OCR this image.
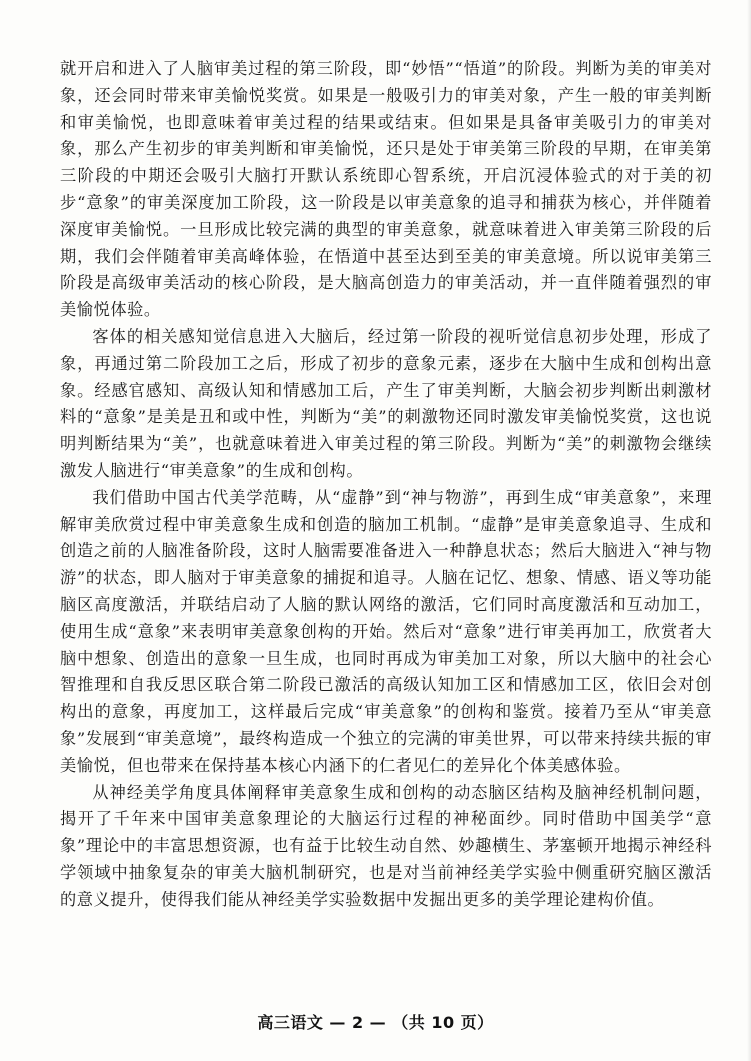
就开启和进入了人脑审美过程的第三阶段，即“妙悟”“悟道”的阶段。判断为美的审美对象，还会同时带来审美愉悦奖赏。如果是一般吸引力的审美对象，产生一般的审美判断和审美愉悦，也即意味着审美过程的结果或结束。但如果是具备审美吸引力的审美对象，那么产生初步的审美判断和审美愉悦，还只是处于审美第三阶段的早期，在审美第三阶段的中期还会吸引大脑打开默认系统即心智系统，开启沉浸体验式的对于美的初步“意象”的审美深度加工阶段，这一阶段是以审美意象的追寻和捕获为核心，并伴随着深度审美愉悦。一旦形成比较完满的典型的审美意象，就意味着进入审美第三阶段的后期，我们会伴随着审美高峰体验，在悟道中甚至达到至美的审美意境。所以说审美第三阶段是高级审美活动的核心阶段，是大脑高创造力的审美活动，并一直伴随着强烈的审美愉悦体验。

客体的相关感知觉信息进入大脑后，经过第一阶段的视听觉信息初步处理，形成了象，再通过第二阶段加工之后，形成了初步的意象元素，逐步在大脑中生成和创构出意象。经感官感知、高级认知和情感加工后，产生了审美判断，大脑会初步判断出刺激材料的“意象”是美是丑和或中性，判断为“美”的刺激物还同时激发审美愉悦奖赏，这也说明判断结果为“美”，也就意味着进入审美过程的第三阶段。判断为“美”的刺激物会继续激发人脑进行“审美意象”的生成和创构。

我们借助中国古代美学范畴，从“虚静”到“神与物游”，再到生成“审美意象”，来理解审美欣赏过程中审美意象生成和创造的脑加工机制。“虚静”是审美意象追寻、生成和创造之前的人脑准备阶段，这时人脑需要准备进入一种静息状态；然后大脑进入“神与物游”的状态，即人脑对于审美意象的捕捉和追寻。人脑在记忆、想象、情感、语义等功能脑区高度激活，并联结启动了人脑的默认网络的激活，它们同时高度激活和互动加工，使用生成“意象”来表明审美意象创构的开始。然后对“意象”进行审美再加工，欣赏者大脑中想象、创造出的意象一旦生成，也同时再成为审美加工对象，所以大脑中的社会心智推理和自我反思区联合第二阶段已激活的高级认知加工区和情感加工区，依旧会对创构出的意象，再度加工，这样最后完成“审美意象”的创构和鉴赏。接着乃至从“审美意象”发展到“审美意境”，最终构造成一个独立的完满的审美世界，可以带来持续共振的审美愉悦，但也带来在保持基本核心内涵下的仁者见仁的差异化个体美感体验。

从神经美学角度具体阐释审美意象生成和创构的动态脑区结构及脑神经机制问题，揭开了千年来中国审美意象理论的大脑运行过程的神秘面纱。同时借助中国美学“意象”理论中的丰富思想资源，也有益于比较生动自然、妙趣横生、茅塞顿开地揭示神经科学领域中抽象复杂的审美大脑机制研究，也是对当前神经美学实验中侧重研究脑区激活的意义提升，使得我们能从神经美学实验数据中发掘出更多的美学理论建构价值。

高三语文 — 2 — （共 10 页）
